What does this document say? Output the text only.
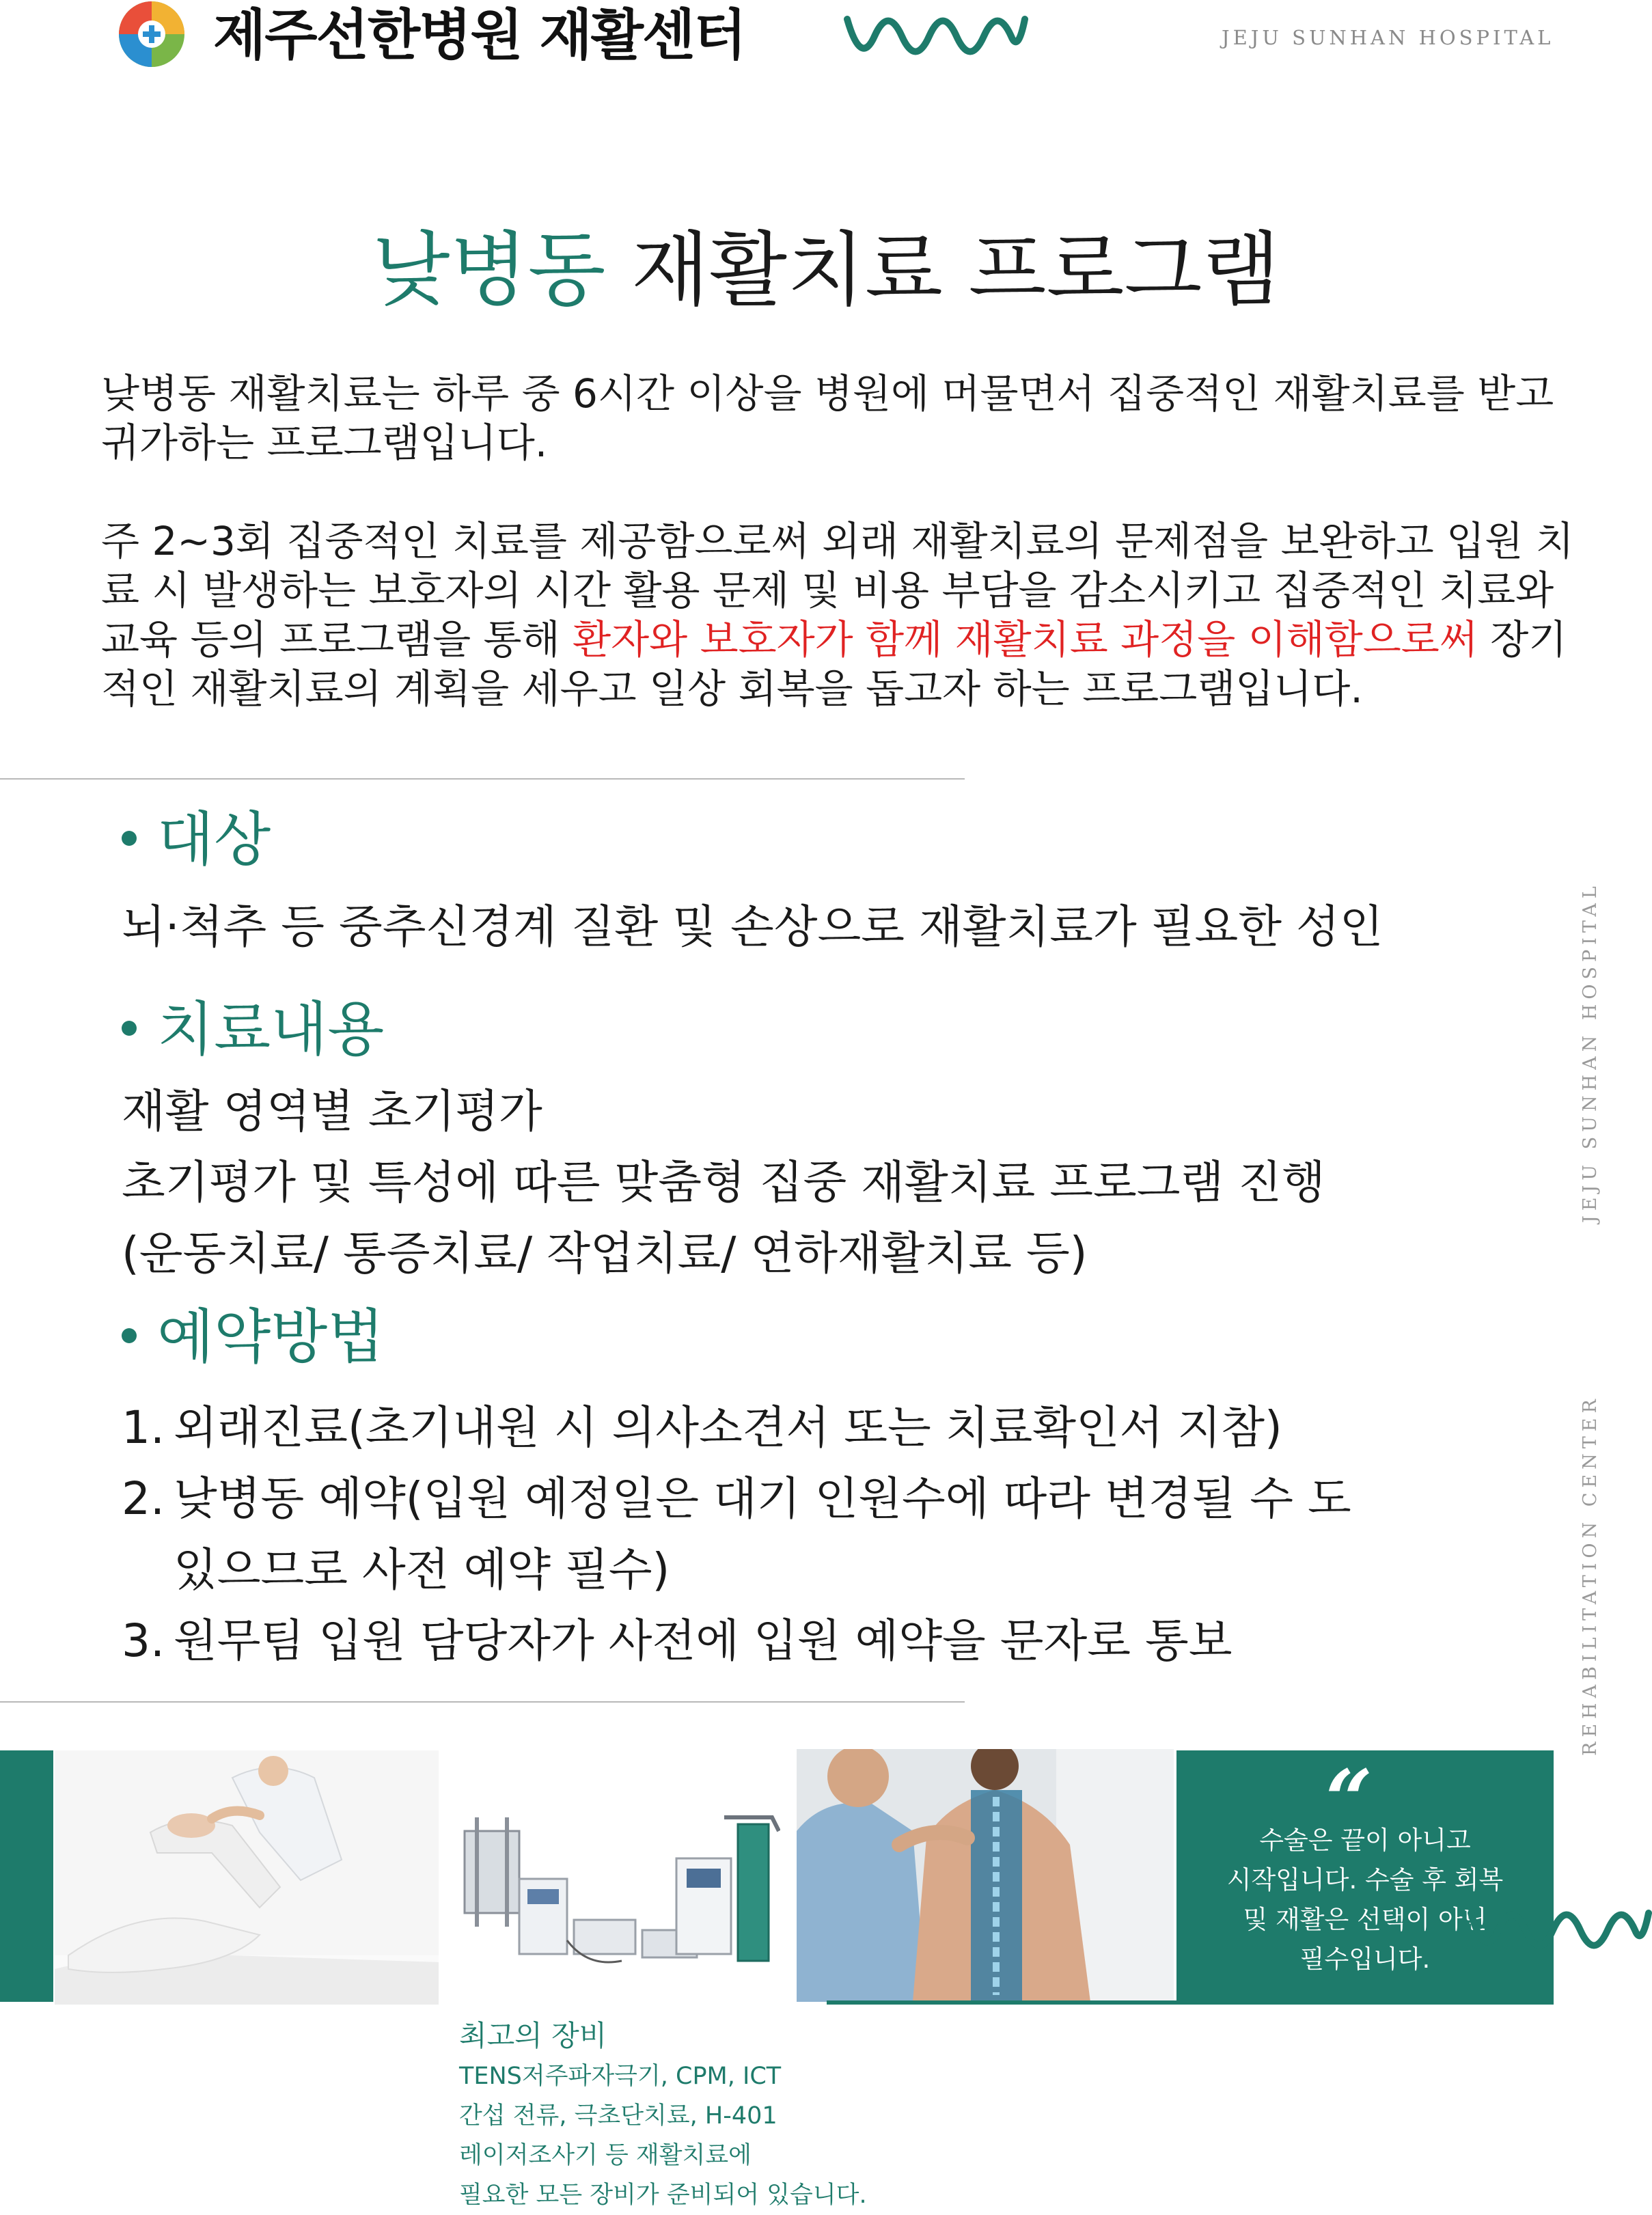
제주선한병원 재활센터	JEJU SUNHAN HOSPITAL
낮병동 재활치료 프로그램

낮병동 재활치료는 하루 중 6시간 이상을 병원에 머물면서 집중적인 재활치료를 받고 귀가하는 프로그램입니다.

주 2~3회 집중적인 치료를 제공함으로써 외래 재활치료의 문제점을 보완하고 입원 치료 시 발생하는 보호자의 시간 활용 문제 및 비용 부담을 감소시키고 집중적인 치료와 교육 등의 프로그램을 통해 환자와 보호자가 함께 재활치료 과정을 이해함으로써 장기적인 재활치료의 계획을 세우고 일상 회복을 돕고자 하는 프로그램입니다.

대상
뇌·척추 등 중추신경계 질환 및 손상으로 재활치료가 필요한 성인
치료내용
재활 영역별 초기평가
초기평가 및 특성에 따른 맞춤형 집중 재활치료 프로그램 진행
(운동치료/ 통증치료/ 작업치료/ 연하재활치료 등)
예약방법
1. 외래진료(초기내원 시 의사소견서 또는 치료확인서 지참)
2. 낮병동 예약(입원 예정일은 대기 인원수에 따라 변경될 수 도
있으므로 사전 예약 필수)
3. 원무팀 입원 담당자가 사전에 입원 예약을 문자로 통보
JEJU SUNHAN HOSPITAL
REHABILITATION CENTER
“
수술은 끝이 아니고
시작입니다. 수술 후 회복
및 재활은 선택이 아닌
필수입니다.
최고의 장비
TENS저주파자극기, CPM, ICT
간섭 전류, 극초단치료, H-401
레이저조사기 등 재활치료에
필요한 모든 장비가 준비되어 있습니다.
